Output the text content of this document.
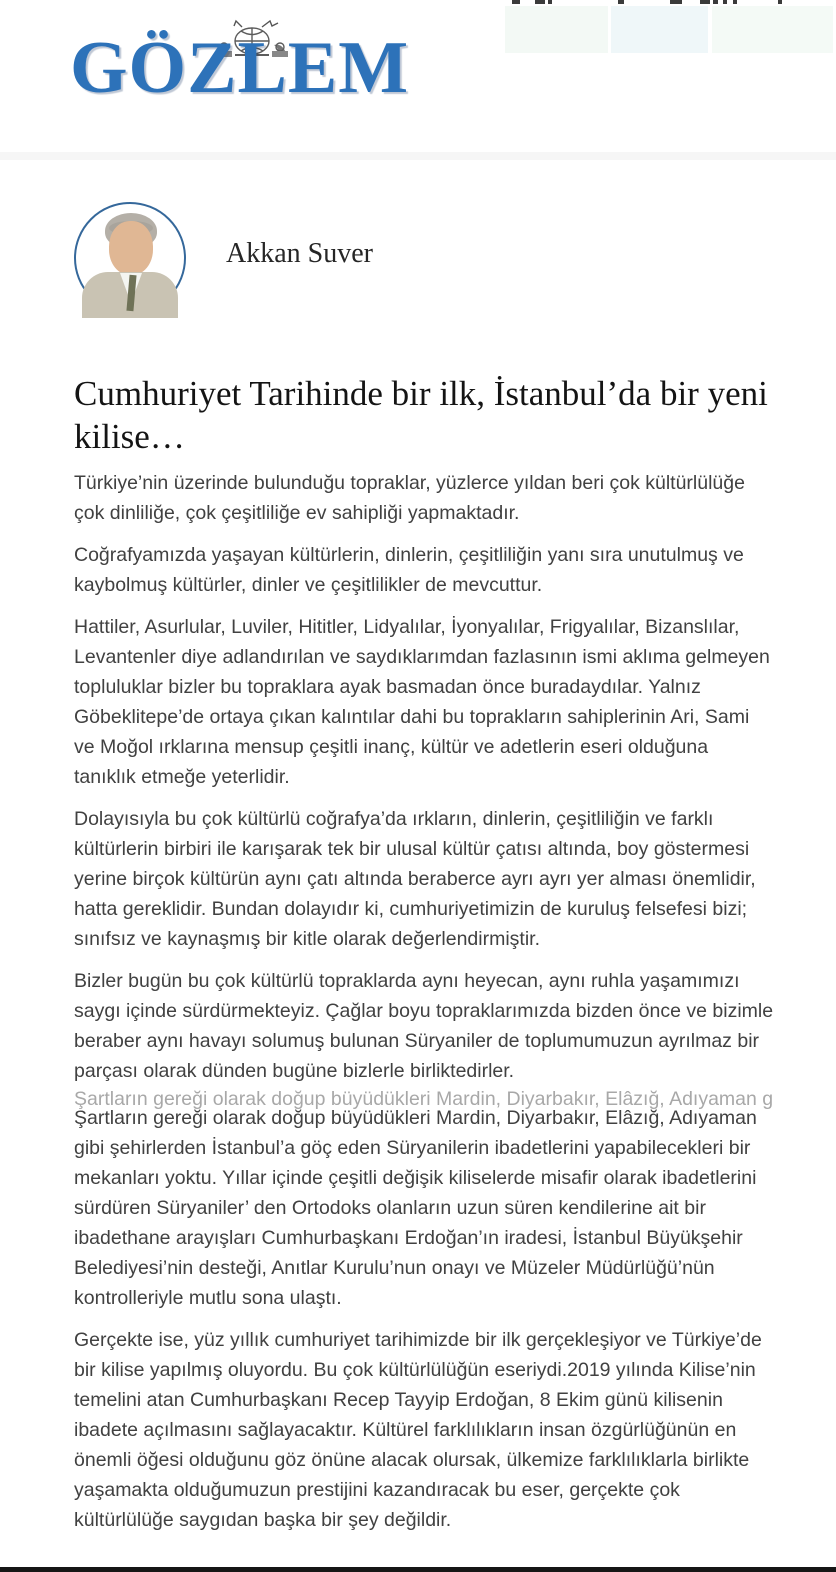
GÖZLEM
Akkan Suver
Cumhuriyet Tarihinde bir ilk, İstanbul’da bir yeni kilise…

Türkiye’nin üzerinde bulunduğu topraklar, yüzlerce yıldan beri çok kültürlülüğe çok dinliliğe, çok çeşitliliğe ev sahipliği yapmaktadır.

Coğrafyamızda yaşayan kültürlerin, dinlerin, çeşitliliğin yanı sıra unutulmuş ve kaybolmuş kültürler, dinler ve çeşitlilikler de mevcuttur.

Hattiler, Asurlular, Luviler, Hititler, Lidyalılar, İyonyalılar, Frigyalılar, Bizanslılar, Levantenler diye adlandırılan ve saydıklarımdan fazlasının ismi aklıma gelmeyen topluluklar bizler bu topraklara ayak basmadan önce buradaydılar. Yalnız Göbeklitepe’de ortaya çıkan kalıntılar dahi bu toprakların sahiplerinin Ari, Sami ve Moğol ırklarına mensup çeşitli inanç, kültür ve adetlerin eseri olduğuna tanıklık etmeğe yeterlidir.

Dolayısıyla bu çok kültürlü coğrafya’da ırkların, dinlerin, çeşitliliğin ve farklı kültürlerin birbiri ile karışarak tek bir ulusal kültür çatısı altında, boy göstermesi yerine birçok kültürün aynı çatı altında beraberce ayrı ayrı yer alması önemlidir, hatta gereklidir. Bundan dolayıdır ki, cumhuriyetimizin de kuruluş felsefesi bizi; sınıfsız ve kaynaşmış bir kitle olarak değerlendirmiştir.

Bizler bugün bu çok kültürlü topraklarda aynı heyecan, aynı ruhla yaşamımızı saygı içinde sürdürmekteyiz. Çağlar boyu topraklarımızda bizden önce ve bizimle beraber aynı havayı solumuş bulunan Süryaniler de toplumumuzun ayrılmaz bir parçası olarak dünden bugüne bizlerle birliktedirler.

Şartların gereği olarak doğup büyüdükleri Mardin, Diyarbakır, Elâzığ, Adıyaman g

Şartların gereği olarak doğup büyüdükleri Mardin, Diyarbakır, Elâzığ, Adıyaman gibi şehirlerden İstanbul’a göç eden Süryanilerin ibadetlerini yapabilecekleri bir mekanları yoktu. Yıllar içinde çeşitli değişik kiliselerde misafir olarak ibadetlerini sürdüren Süryaniler’ den Ortodoks olanların uzun süren kendilerine ait bir ibadethane arayışları Cumhurbaşkanı Erdoğan’ın iradesi, İstanbul Büyükşehir Belediyesi’nin desteği, Anıtlar Kurulu’nun onayı ve Müzeler Müdürlüğü’nün kontrolleriyle mutlu sona ulaştı.

Gerçekte ise, yüz yıllık cumhuriyet tarihimizde bir ilk gerçekleşiyor ve Türkiye’de bir kilise yapılmış oluyordu. Bu çok kültürlülüğün eseriydi.2019 yılında Kilise’nin temelini atan Cumhurbaşkanı Recep Tayyip Erdoğan, 8 Ekim günü kilisenin ibadete açılmasını sağlayacaktır. Kültürel farklılıkların insan özgürlüğünün en önemli öğesi olduğunu göz önüne alacak olursak, ülkemize farklılıklarla birlikte yaşamakta olduğumuzun prestijini kazandıracak bu eser, gerçekte çok kültürlülüğe saygıdan başka bir şey değildir.
